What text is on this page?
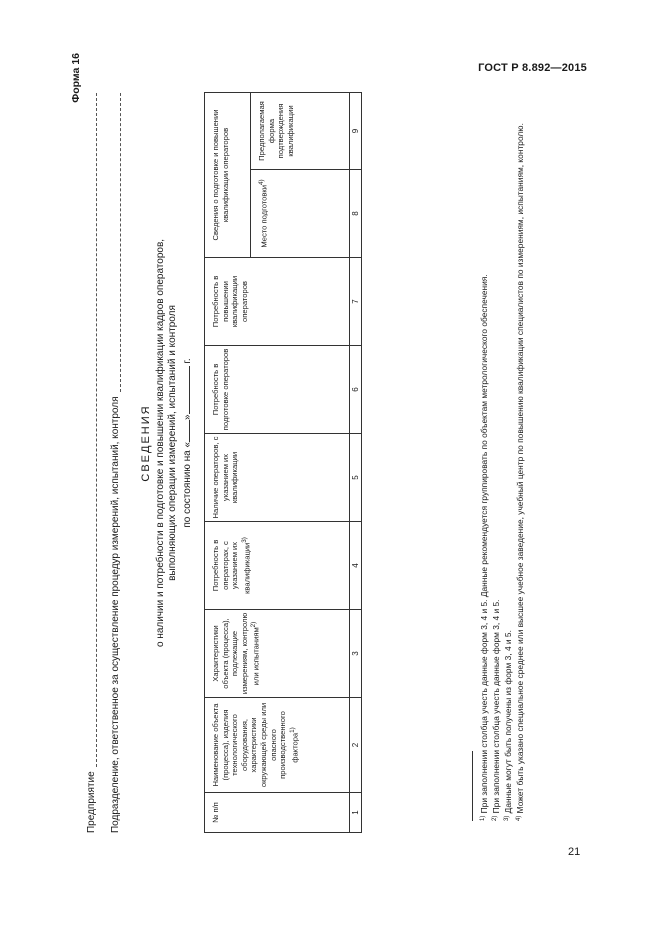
ГОСТ Р 8.892—2015
21
Форма 16
Предприятие Подразделение, ответственное за осуществление процедур измерений, испытаний, контроля СВЕДЕНИЯ о наличии и потребности в подготовке и повышении квалификации кадров операторов, выполняющих операции измерений, испытаний и контроля по состоянию на «» г.
№ п/п	Наименование объекта (процесса), изделия технологического оборудования, характеристики окружающей среды или опасного производственного фактора$^{1)}$	Характеристики объекта (процесса), подлежащие измерениям, контролю или испытаниям$^{2)}$	Потребность в операторах, с указанием их квалификации$^{3)}$	Наличие операторов, с указанием их квалификации	Потребность в подготовке операторов	Потребность в повышении квалификации операторов	Сведения о подготовке и повышении квалификации операторов	
							Место подготовки$^{4)}$	Предполагаемая форма подтверждения квалификации
1	2	3	4	5	6	7	8	9
$^{1)}$ При заполнении столбца учесть данные форм 3, 4 и 5. Данные рекомендуется группировать по объектам метрологического обеспечения.
$^{2)}$ При заполнении столбца учесть данные форм 3, 4 и 5.
$^{3)}$ Данные могут быть получены из форм 3, 4 и 5.
$^{4)}$ Может быть указано специальное среднее или высшее учебное заведение, учебный центр по повышению квалификации специалистов по измерениям, испытаниям, контролю.
